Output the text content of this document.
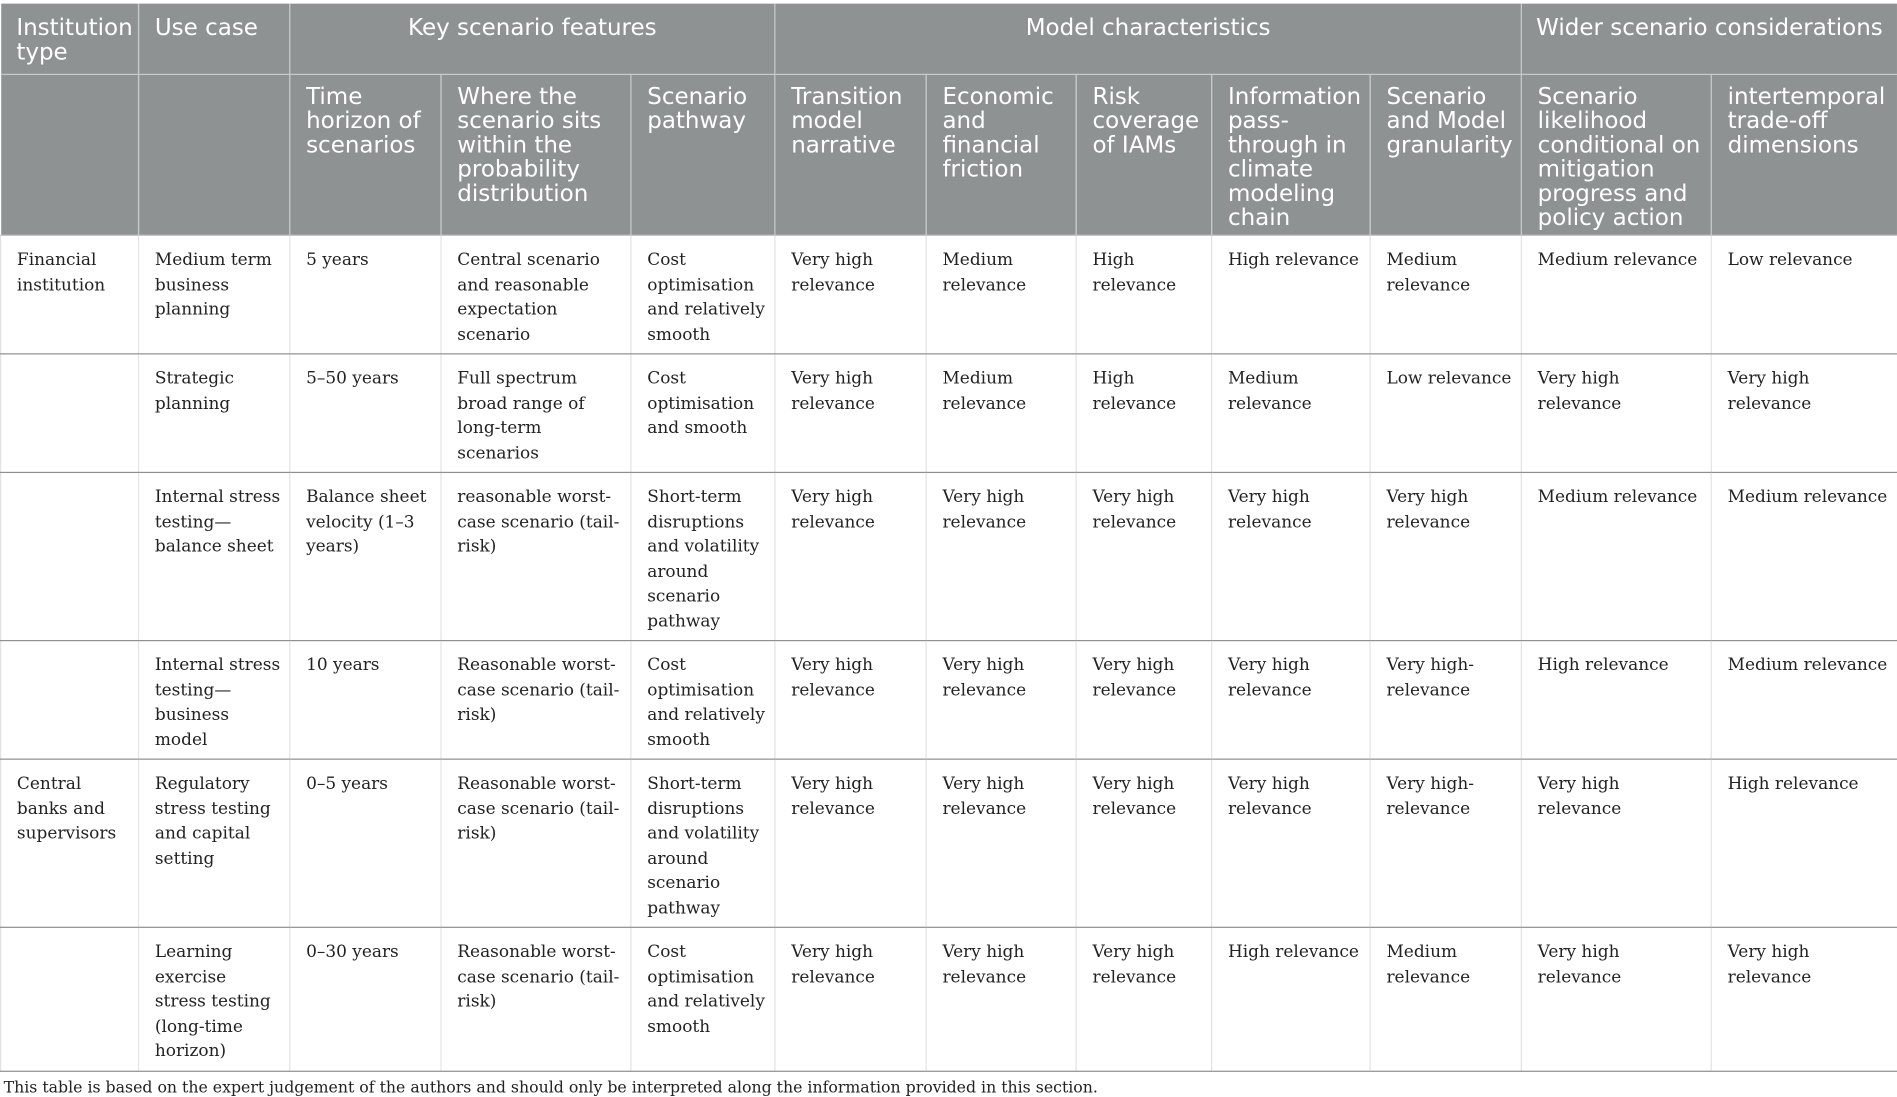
Institution type	Use case	Key scenario features			Model characteristics					Wider scenario considerations	
		Time horizon of scenarios	Where the scenario sits within the probability distribution	Scenario pathway	Transition model narrative	Economic and financial friction	Risk coverage of IAMs	Information pass-through in climate modeling chain	Scenario and Model granularity	Scenario likelihood conditional on mitigation progress and policy action	intertemporal trade-off dimensions
Financial institution	Medium term business planning	5 years	Central scenario and reasonable expectation scenario	Cost optimisation and relatively smooth	Very high relevance	Medium relevance	High relevance	High relevance	Medium relevance	Medium relevance	Low relevance
	Strategic planning	5–50 years	Full spectrum broad range of long-term scenarios	Cost optimisation and smooth	Very high relevance	Medium relevance	High relevance	Medium relevance	Low relevance	Very high relevance	Very high relevance
	Internal stress testing—balance sheet	Balance sheet velocity (1–3 years)	reasonable worst-case scenario (tail-risk)	Short-term disruptions and volatility around scenario pathway	Very high relevance	Very high relevance	Very high relevance	Very high relevance	Very high relevance	Medium relevance	Medium relevance
	Internal stress testing—business model	10 years	Reasonable worst-case scenario (tail-risk)	Cost optimisation and relatively smooth	Very high relevance	Very high relevance	Very high relevance	Very high relevance	Very high-relevance	High relevance	Medium relevance
Central banks and supervisors	Regulatory stress testing and capital setting	0–5 years	Reasonable worst-case scenario (tail-risk)	Short-term disruptions and volatility around scenario pathway	Very high relevance	Very high relevance	Very high relevance	Very high relevance	Very high-relevance	Very high relevance	High relevance
	Learning exercise stress testing (long-time horizon)	0–30 years	Reasonable worst-case scenario (tail-risk)	Cost optimisation and relatively smooth	Very high relevance	Very high relevance	Very high relevance	High relevance	Medium relevance	Very high relevance	Very high relevance
This table is based on the expert judgement of the authors and should only be interpreted along the information provided in this section.
